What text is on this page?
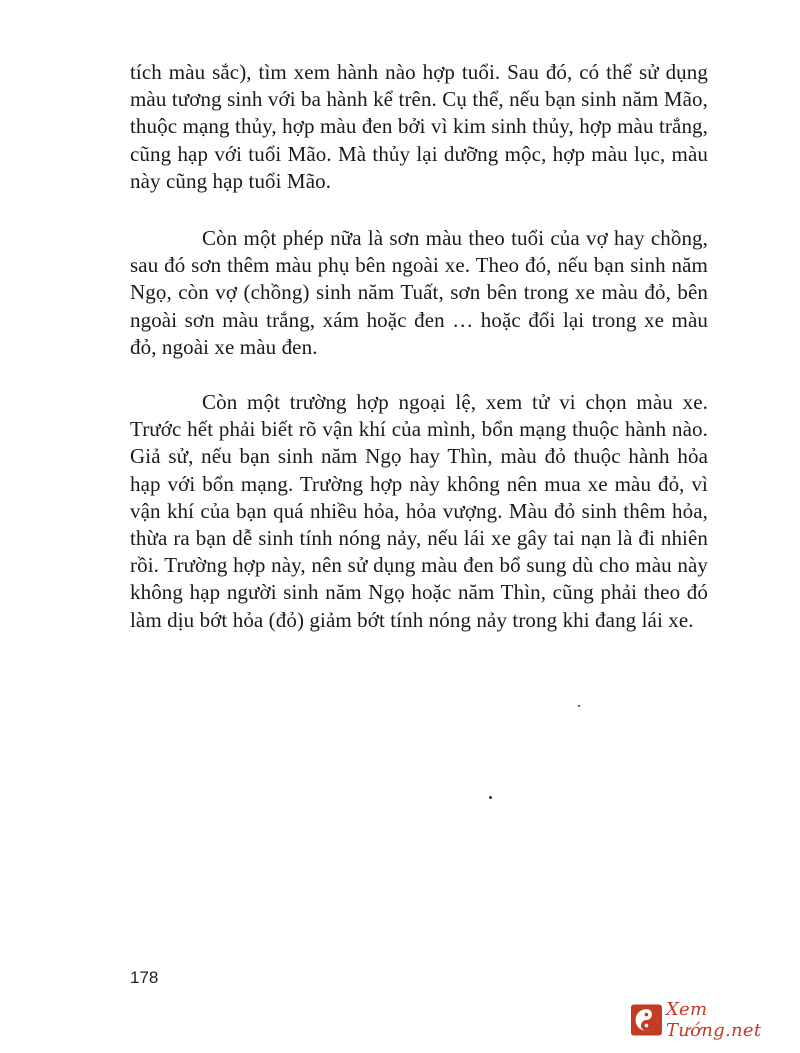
tích màu sắc), tìm xem hành nào hợp tuổi. Sau đó, có thể sử dụng màu tương sinh với ba hành kể trên. Cụ thể, nếu bạn sinh năm Mão, thuộc mạng thủy, hợp màu đen bởi vì kim sinh thủy, hợp màu trắng, cũng hạp với tuổi Mão. Mà thủy lại dưỡng mộc, hợp màu lục, màu này cũng hạp tuổi Mão.

Còn một phép nữa là sơn màu theo tuổi của vợ hay chồng, sau đó sơn thêm màu phụ bên ngoài xe. Theo đó, nếu bạn sinh năm Ngọ, còn vợ (chồng) sinh năm Tuất, sơn bên trong xe màu đỏ, bên ngoài sơn màu trắng, xám hoặc đen … hoặc đổi lại trong xe màu đỏ, ngoài xe màu đen.

Còn một trường hợp ngoại lệ, xem tử vi chọn màu xe. Trước hết phải biết rõ vận khí của mình, bổn mạng thuộc hành nào. Giả sử, nếu bạn sinh năm Ngọ hay Thìn, màu đỏ thuộc hành hỏa hạp với bổn mạng. Trường hợp này không nên mua xe màu đỏ, vì vận khí của bạn quá nhiều hỏa, hỏa vượng. Màu đỏ sinh thêm hỏa, thừa ra bạn dễ sinh tính nóng nảy, nếu lái xe gây tai nạn là đi nhiên rồi. Trường hợp này, nên sử dụng màu đen bổ sung dù cho màu này không hạp người sinh năm Ngọ hoặc năm Thìn, cũng phải theo đó làm dịu bớt hỏa (đỏ) giảm bớt tính nóng nảy trong khi đang lái xe.

178
Xem Tướng.net
